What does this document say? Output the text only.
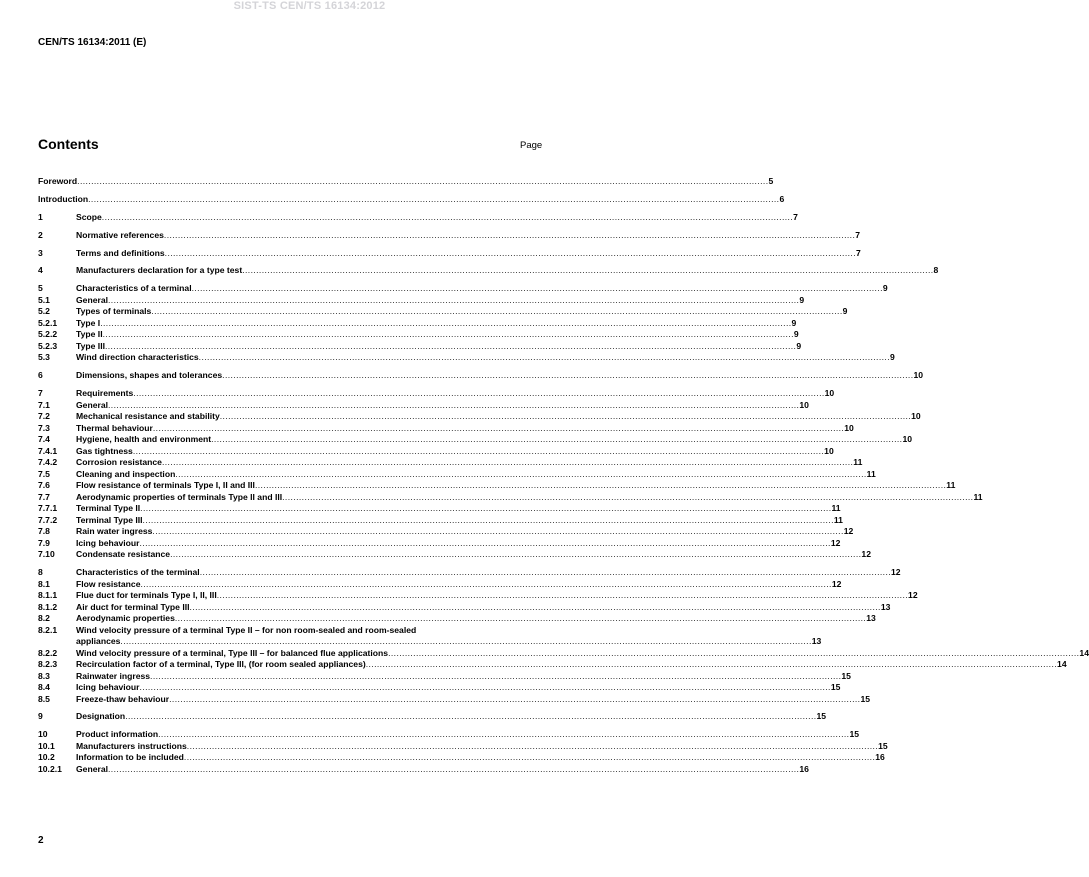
SIST-TS CEN/TS 16134:2012
CEN/TS 16134:2011 (E)
Contents	Page
Foreword .....	5
Introduction .....	6
1	Scope .....	7
2	Normative references .....	7
3	Terms and definitions .....	7
4	Manufacturers declaration for a type test .....	8
5	Characteristics of a terminal .....	9
5.1	General .....	9
5.2	Types of terminals .....	9
5.2.1	Type I .....	9
5.2.2	Type II .....	9
5.2.3	Type III .....	9
5.3	Wind direction characteristics .....	9
6	Dimensions, shapes and tolerances .....	10
7	Requirements .....	10
7.1	General .....	10
7.2	Mechanical resistance and stability .....	10
7.3	Thermal behaviour .....	10
7.4	Hygiene, health and environment .....	10
7.4.1	Gas tightness .....	10
7.4.2	Corrosion resistance .....	11
7.5	Cleaning and inspection .....	11
7.6	Flow resistance of terminals Type I, II and III .....	11
7.7	Aerodynamic properties of terminals Type II and III .....	11
7.7.1	Terminal Type II .....	11
7.7.2	Terminal Type III .....	11
7.8	Rain water ingress .....	12
7.9	Icing behaviour .....	12
7.10	Condensate resistance .....	12
8	Characteristics of the terminal .....	12
8.1	Flow resistance .....	12
8.1.1	Flue duct for terminals Type I, II, III .....	12
8.1.2	Air duct for terminal Type III .....	13
8.2	Aerodynamic properties .....	13
8.2.1	Wind velocity pressure of a terminal Type II – for non room-sealed and room-sealed
appliances .....	13
8.2.2	Wind velocity pressure of a terminal, Type III – for balanced flue applications .....	14
8.2.3	Recirculation factor of a terminal, Type III, (for room sealed appliances) .....	14
8.3	Rainwater ingress .....	15
8.4	Icing behaviour .....	15
8.5	Freeze-thaw behaviour .....	15
9	Designation .....	15
10	Product information .....	15
10.1	Manufacturers instructions .....	15
10.2	Information to be included .....	16
10.2.1	General .....	16
2
